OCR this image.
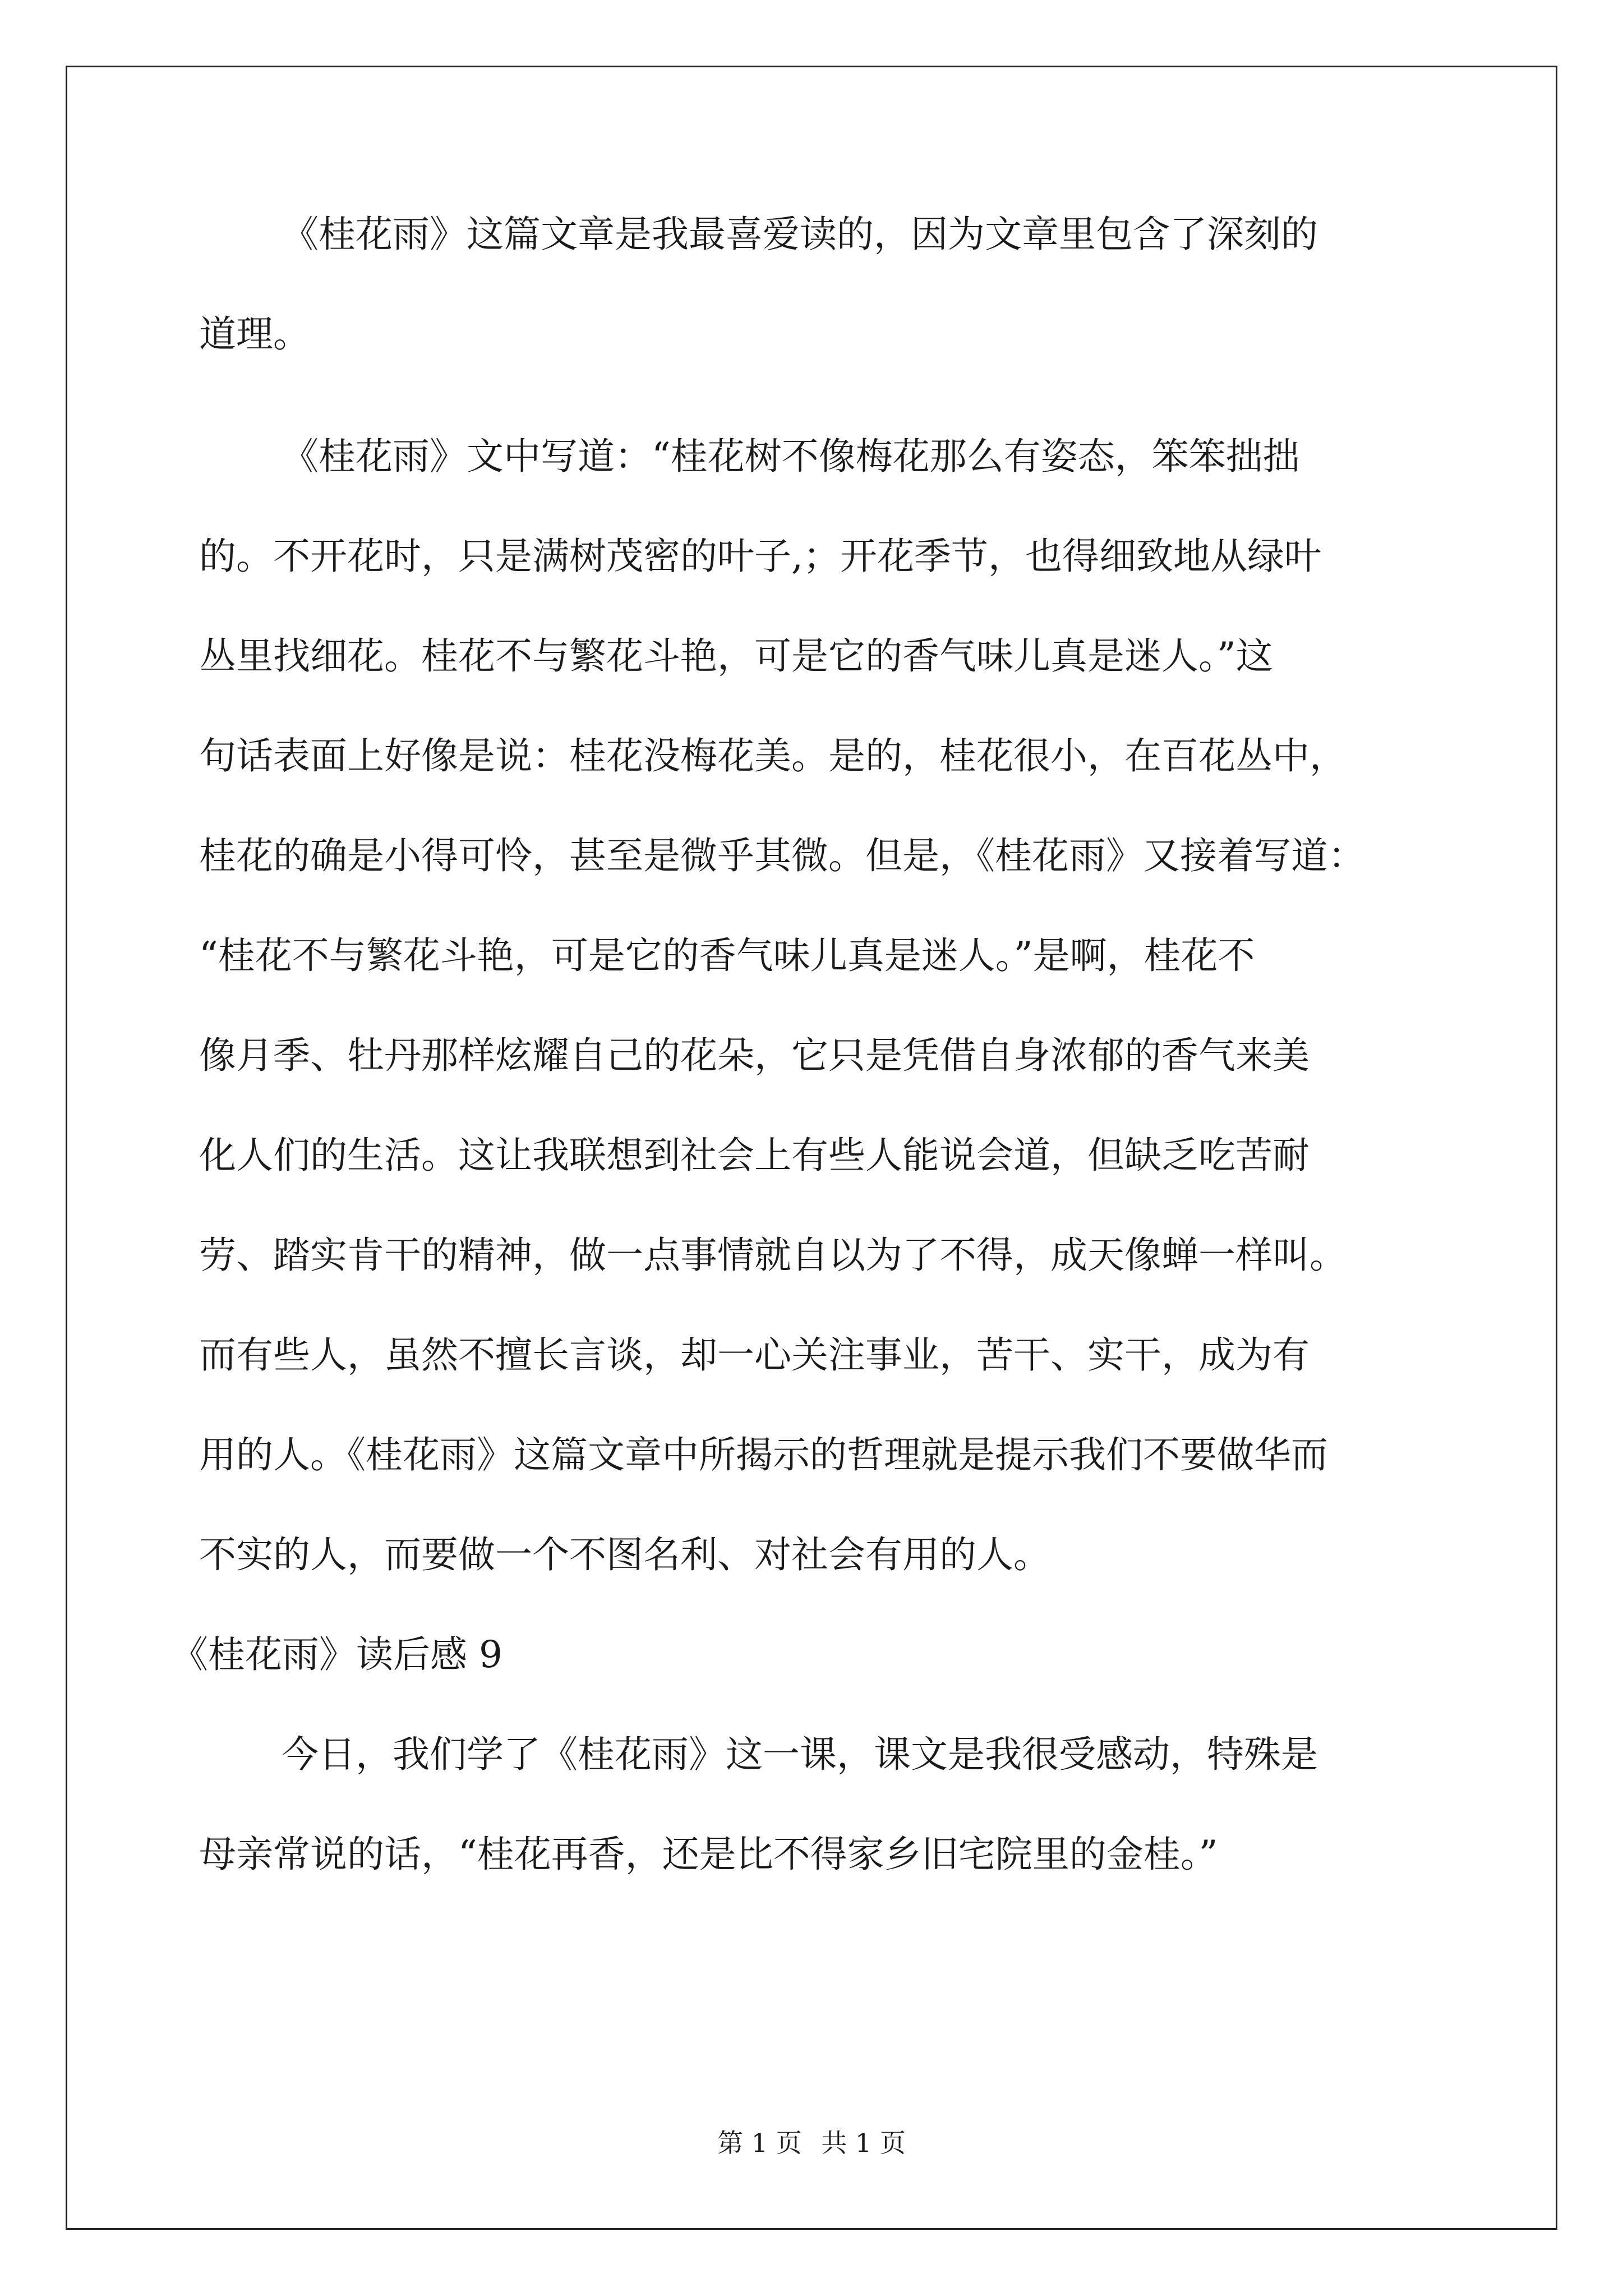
《桂花雨》这篇文章是我最喜爱读的，因为文章里包含了深刻的
道理。
《桂花雨》文中写道：“桂花树不像梅花那么有姿态，笨笨拙拙
的。不开花时，只是满树茂密的叶子,；开花季节，也得细致地从绿叶
丛里找细花。桂花不与繁花斗艳，可是它的香气味儿真是迷人。”这
句话表面上好像是说：桂花没梅花美。是的，桂花很小，在百花丛中，
桂花的确是小得可怜，甚至是微乎其微。但是，《桂花雨》又接着写道：
“桂花不与繁花斗艳，可是它的香气味儿真是迷人。”是啊，桂花不
像月季、牡丹那样炫耀自己的花朵，它只是凭借自身浓郁的香气来美
化人们的生活。这让我联想到社会上有些人能说会道，但缺乏吃苦耐
劳、踏实肯干的精神，做一点事情就自以为了不得，成天像蝉一样叫。
而有些人，虽然不擅长言谈，却一心关注事业，苦干、实干，成为有
用的人。《桂花雨》这篇文章中所揭示的哲理就是提示我们不要做华而
不实的人，而要做一个不图名利、对社会有用的人。
《桂花雨》读后感 9
今日，我们学了《桂花雨》这一课，课文是我很受感动，特殊是
母亲常说的话，“桂花再香，还是比不得家乡旧宅院里的金桂。”
第 1 页 共 1 页
